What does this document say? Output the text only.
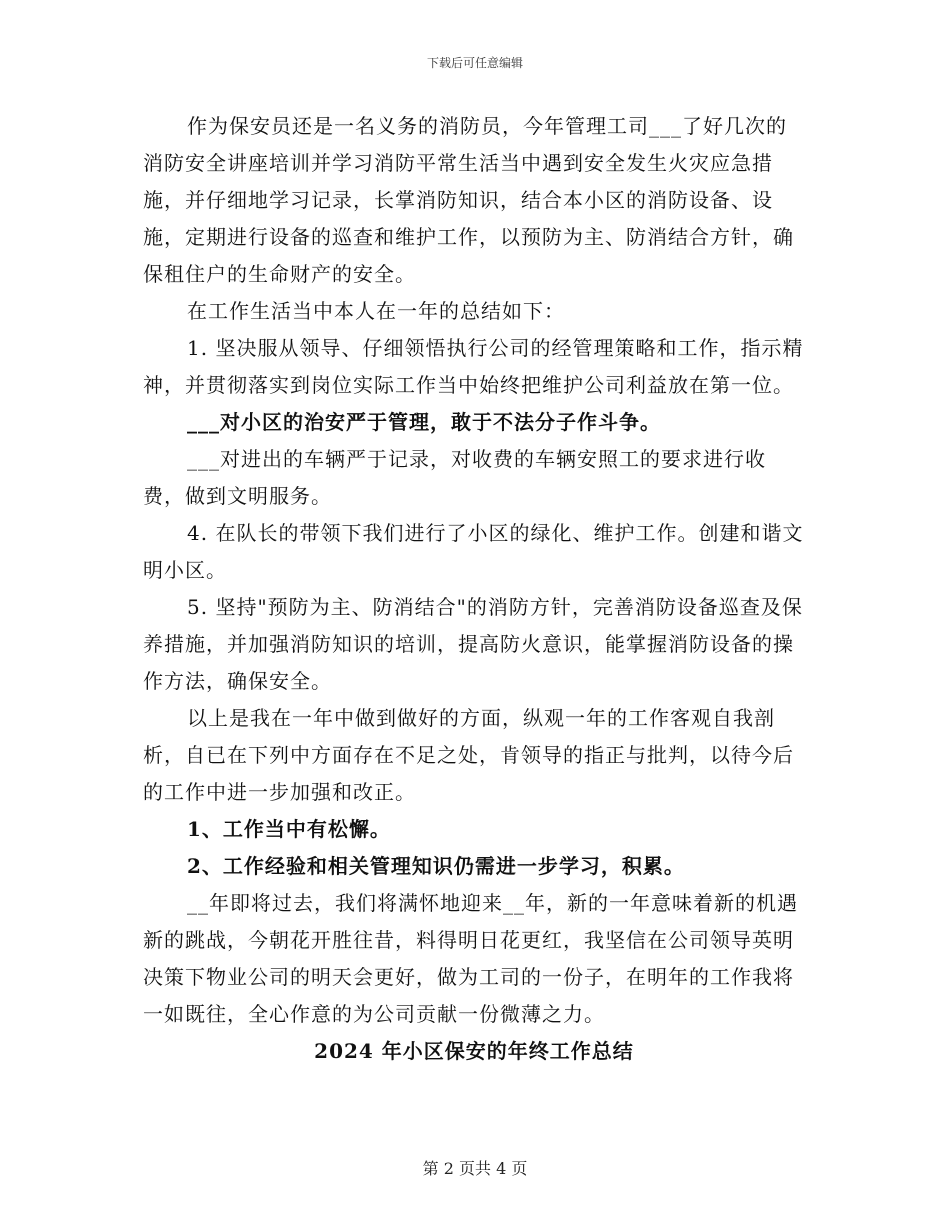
下载后可任意编辑

作为保安员还是一名义务的消防员，今年管理工司___了好几次的消防安全讲座培训并学习消防平常生活当中遇到安全发生火灾应急措施，并仔细地学习记录，长掌消防知识，结合本小区的消防设备、设施，定期进行设备的巡查和维护工作，以预防为主、防消结合方针，确保租住户的生命财产的安全。

在工作生活当中本人在一年的总结如下：

1. 坚决服从领导、仔细领悟执行公司的经管理策略和工作，指示精神，并贯彻落实到岗位实际工作当中始终把维护公司利益放在第一位。

___对小区的治安严于管理，敢于不法分子作斗争。

___对进出的车辆严于记录，对收费的车辆安照工的要求进行收费，做到文明服务。

4. 在队长的带领下我们进行了小区的绿化、维护工作。创建和谐文明小区。

5. 坚持"预防为主、防消结合"的消防方针，完善消防设备巡查及保养措施，并加强消防知识的培训，提高防火意识，能掌握消防设备的操作方法，确保安全。

以上是我在一年中做到做好的方面，纵观一年的工作客观自我剖析，自已在下列中方面存在不足之处，肯领导的指正与批判，以待今后的工作中进一步加强和改正。

1、工作当中有松懈。

2、工作经验和相关管理知识仍需进一步学习，积累。

__年即将过去，我们将满怀地迎来__年，新的一年意味着新的机遇新的跳战，今朝花开胜往昔，料得明日花更红，我坚信在公司领导英明决策下物业公司的明天会更好，做为工司的一份子，在明年的工作我将一如既往，全心作意的为公司贡献一份微薄之力。

2024 年小区保安的年终工作总结

第 2 页共 4 页
